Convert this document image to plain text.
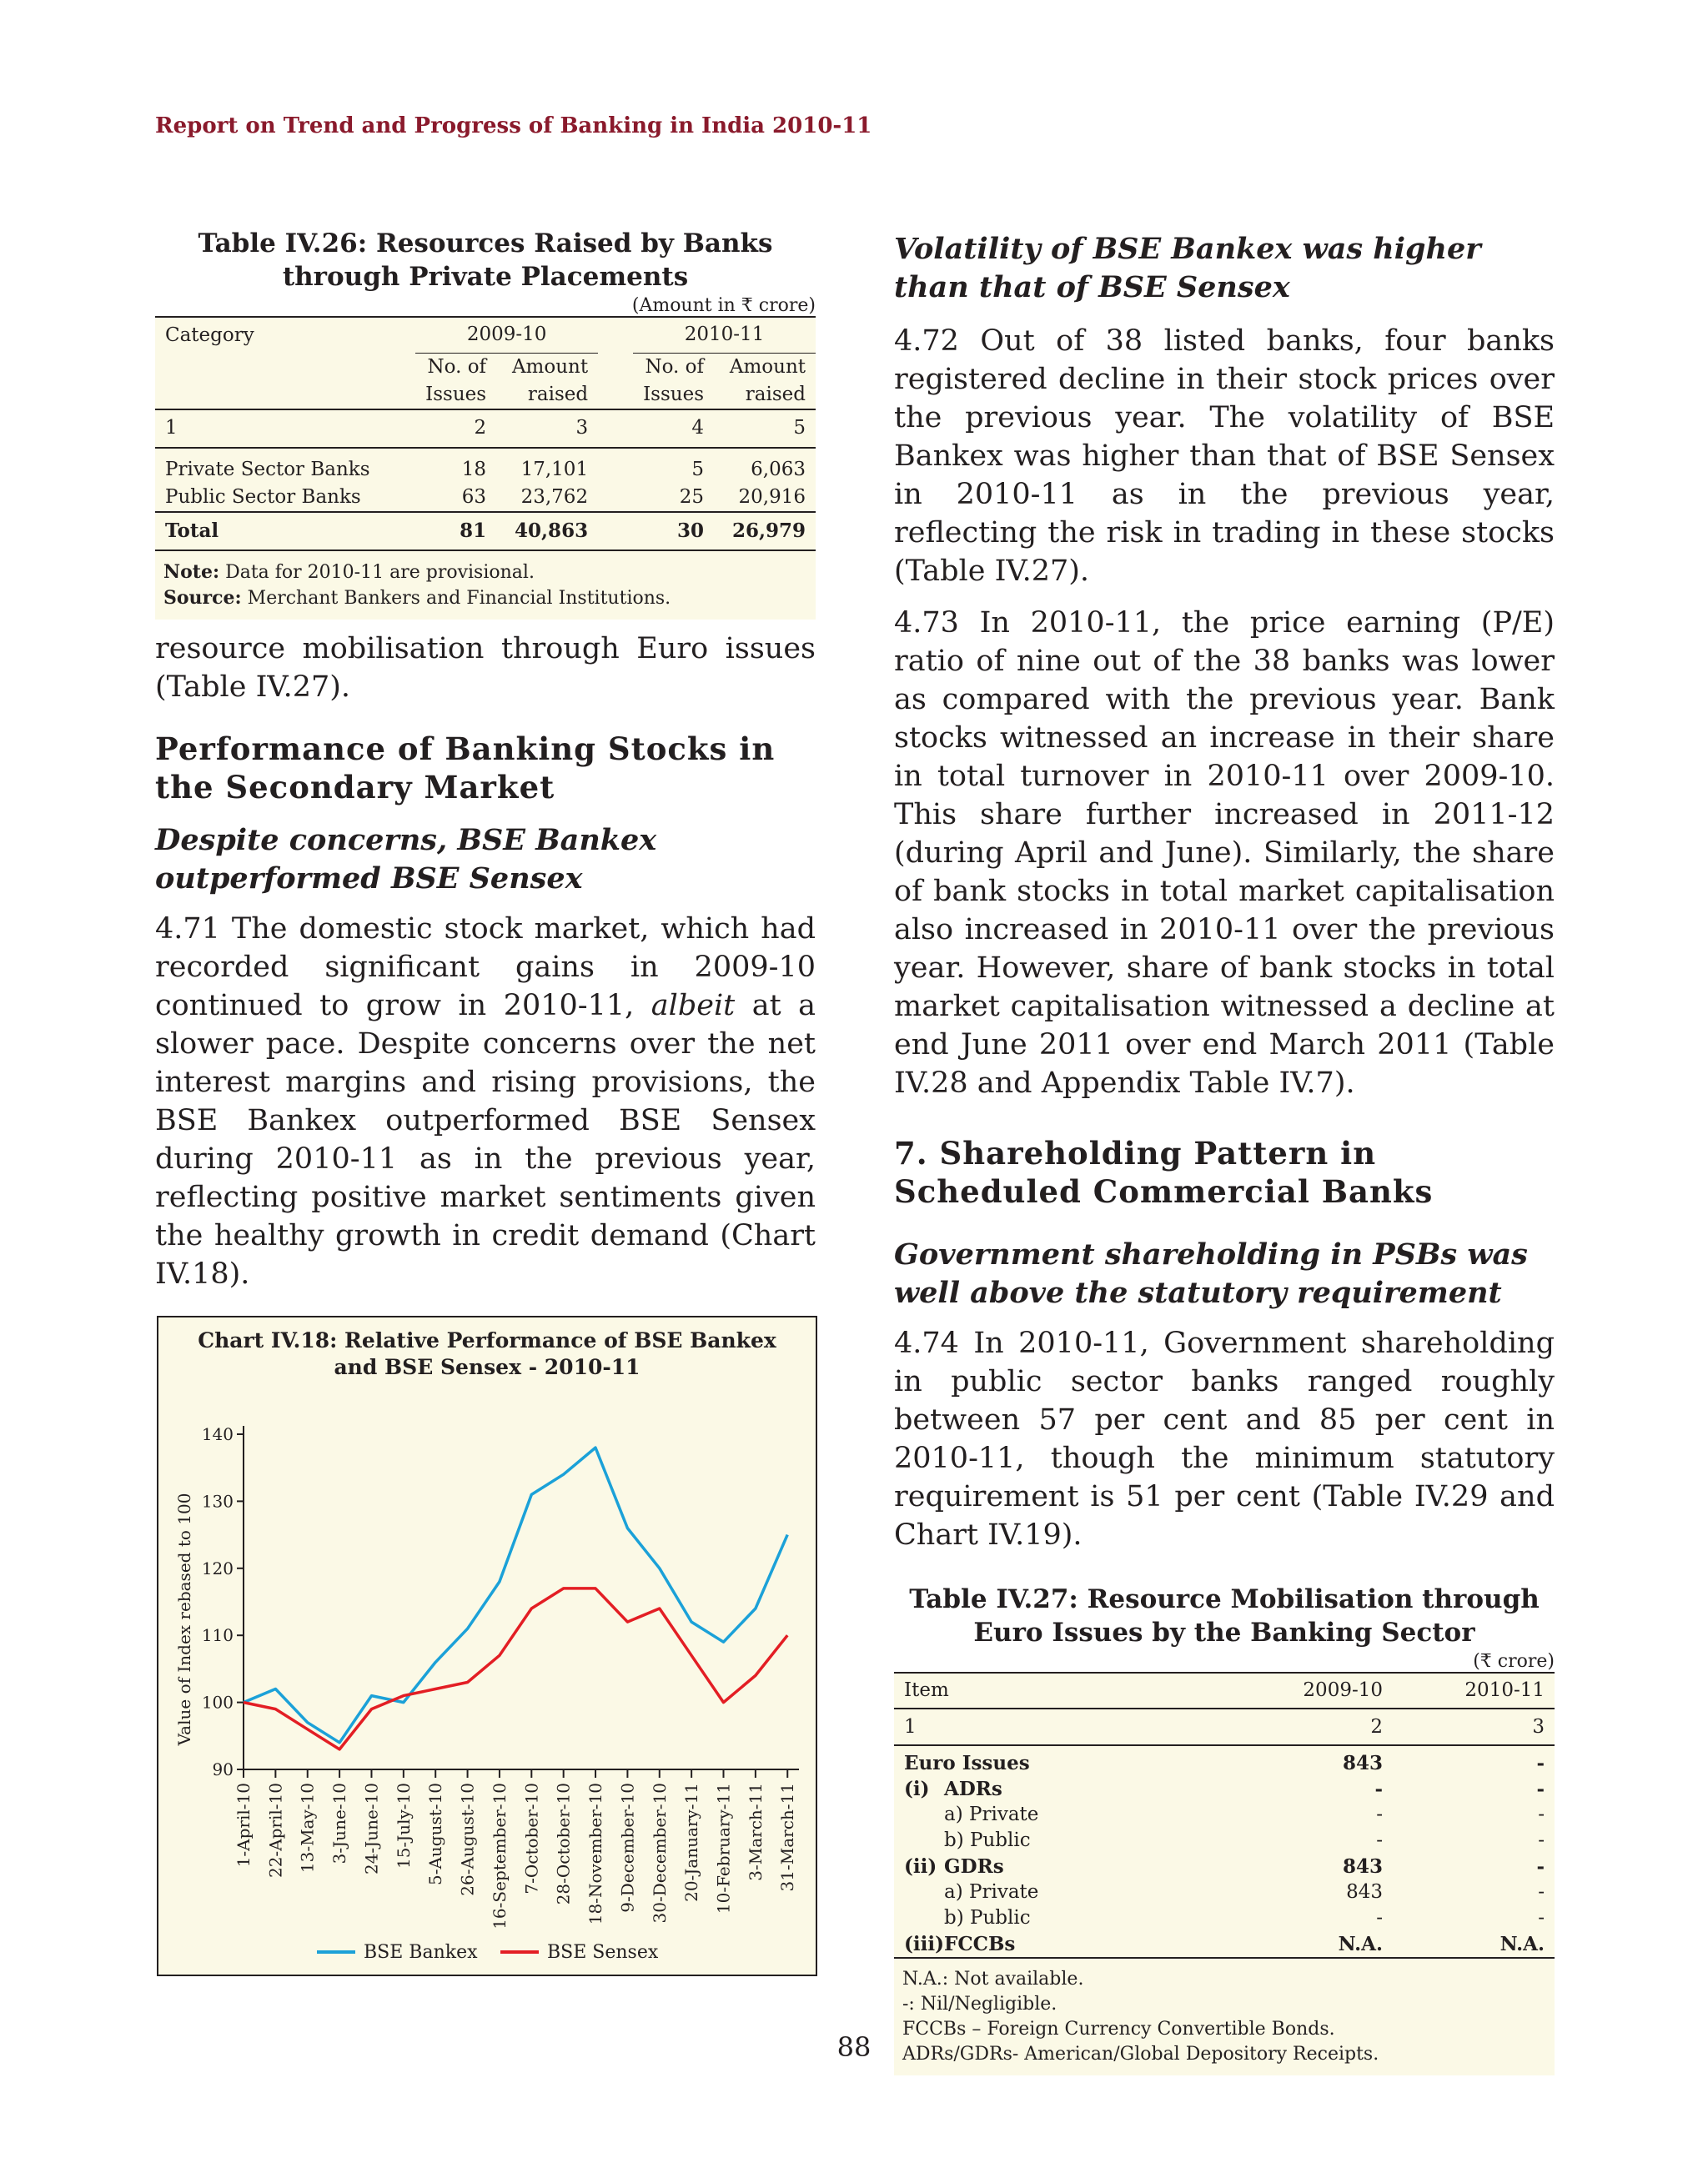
Report on Trend and Progress of Banking in India 2010-11

Table IV.26: Resources Raised by Banks
through Private Placements

(Amount in ₹ crore)
Category	2009-10			2010-11	
	No. of	Amount		No. of	Amount
	Issues	raised		Issues	raised
1	2	3		4	5

Private Sector Banks	18	17,101		5	6,063
Public Sector Banks	63	23,762		25	20,916
Total	81	40,863		30	26,979
Note: Data for 2010-11 are provisional.
Source: Merchant Bankers and Financial Institutions.

resource mobilisation through Euro issues (Table IV.27).

Performance of Banking Stocks in the Secondary Market

Despite concerns, BSE Bankex outperformed BSE Sensex

4.71 The domestic stock market, which had recorded significant gains in 2009-10 continued to grow in 2010-11, albeit at a slower pace. Despite concerns over the net interest margins and rising provisions, the BSE Bankex outperformed BSE Sensex during 2010-11 as in the previous year, reflecting positive market sentiments given the healthy growth in credit demand (Chart IV.18).

Chart IV.18: Relative Performance of BSE Bankex
and BSE Sensex - 2010-11
Value of Index rebased to 100
90
100
110
120
130
140
1-April-10 22-April-10 13-May-10 3-June-10 24-June-10 15-July-10 5-August-10 26-August-10 16-September-10 7-October-10 28-October-10 18-November-10 9-December-10 30-December-10 20-January-11 10-February-11 3-March-11 31-March-11
BSE Bankex	BSE Sensex

Volatility of BSE Bankex was higher than that of BSE Sensex

4.72 Out of 38 listed banks, four banks registered decline in their stock prices over the previous year. The volatility of BSE Bankex was higher than that of BSE Sensex in 2010-11 as in the previous year, reflecting the risk in trading in these stocks (Table IV.27).

4.73 In 2010-11, the price earning (P/E) ratio of nine out of the 38 banks was lower as compared with the previous year. Bank stocks witnessed an increase in their share in total turnover in 2010-11 over 2009-10. This share further increased in 2011-12 (during April and June). Similarly, the share of bank stocks in total market capitalisation also increased in 2010-11 over the previous year. However, share of bank stocks in total market capitalisation witnessed a decline at end June 2011 over end March 2011 (Table IV.28 and Appendix Table IV.7).

7. Shareholding Pattern in Scheduled Commercial Banks

Government shareholding in PSBs was well above the statutory requirement

4.74 In 2010-11, Government shareholding in public sector banks ranged roughly between 57 per cent and 85 per cent in 2010-11, though the minimum statutory requirement is 51 per cent (Table IV.29 and Chart IV.19).

Table IV.27: Resource Mobilisation through
Euro Issues by the Banking Sector

(₹ crore)
Item	2009-10	2010-11
1	2	3

Euro Issues	843	-
(i) ADRs	-	-
a) Private	-	-
b) Public	-	-
(ii) GDRs	843	-
a) Private	843	-
b) Public	-	-
(iii)FCCBs	N.A.	N.A.
N.A.: Not available.
-: Nil/Negligible.
FCCBs – Foreign Currency Convertible Bonds.
ADRs/GDRs- American/Global Depository Receipts.
88
